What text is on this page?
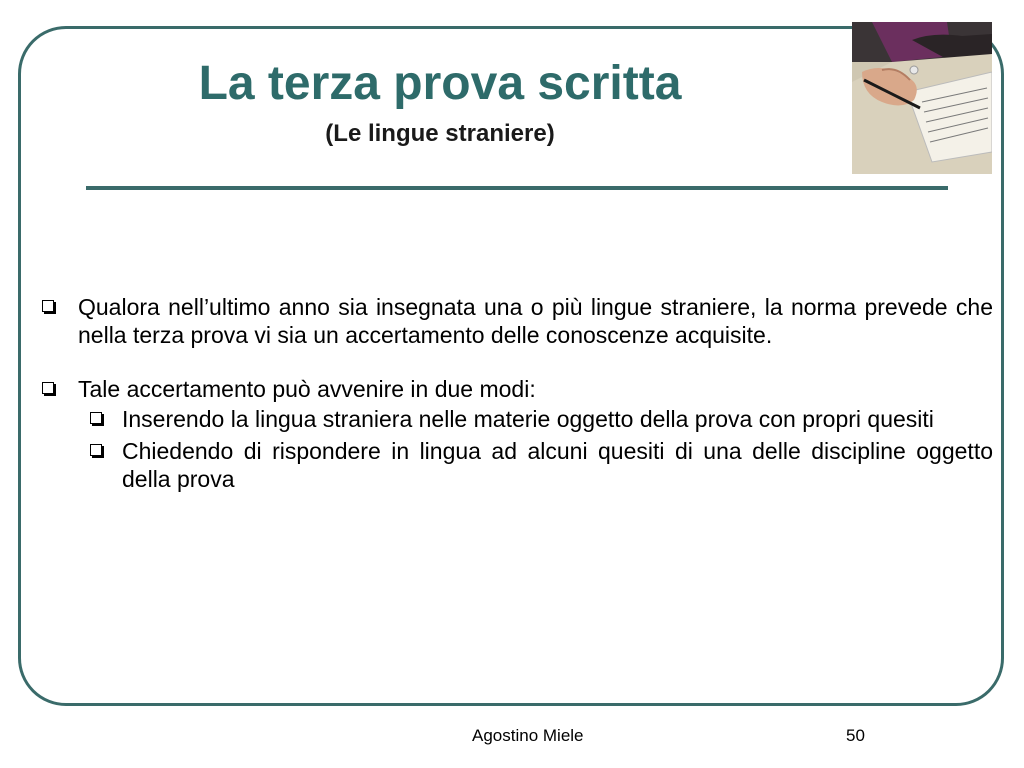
La terza prova scritta
(Le lingue straniere)
Qualora nell’ultimo anno sia insegnata una o più lingue straniere, la norma prevede che nella terza prova vi sia un accertamento delle conoscenze acquisite.
Tale accertamento può avvenire in due modi:
Inserendo la lingua straniera nelle materie oggetto della prova con propri quesiti
Chiedendo di rispondere in lingua ad alcuni quesiti di una delle discipline oggetto della prova
Agostino Miele	50
